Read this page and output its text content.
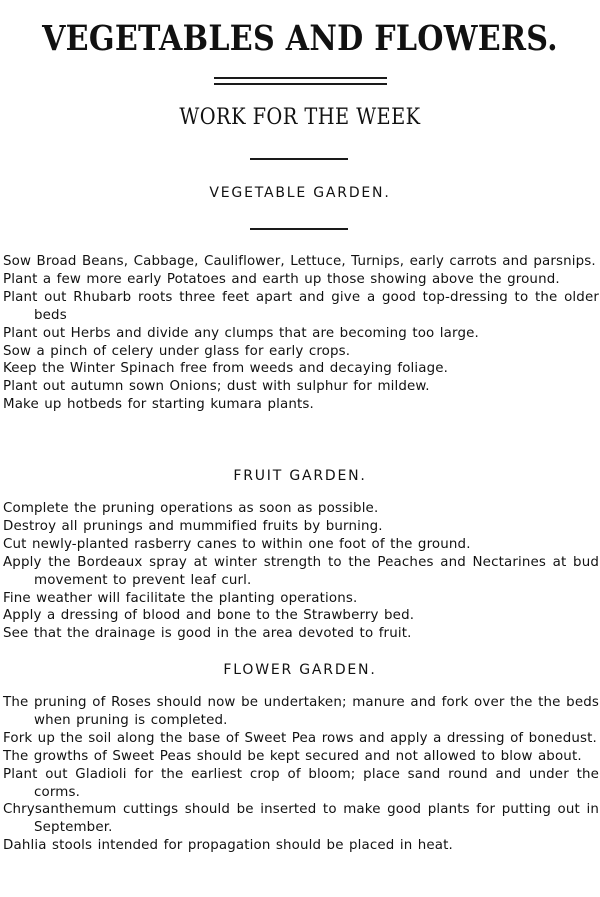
VEGETABLES AND FLOWERS.
WORK FOR THE WEEK
VEGETABLE GARDEN.
Sow Broad Beans, Cabbage, Cauliflower, Lettuce, Turnips, early carrots and parsnips.
Plant a few more early Potatoes and earth up those showing above the ground.
Plant out Rhubarb roots three feet apart and give a good top-dressing to the older beds
Plant out Herbs and divide any clumps that are becoming too large.
Sow a pinch of celery under glass for early crops.
Keep the Winter Spinach free from weeds and decaying foliage.
Plant out autumn sown Onions; dust with sulphur for mildew.
Make up hotbeds for starting kumara plants.
FRUIT GARDEN.
Complete the pruning operations as soon as possible.
Destroy all prunings and mummified fruits by burning.
Cut newly-planted rasberry canes to within one foot of the ground.
Apply the Bordeaux spray at winter strength to the Peaches and Nectarines at bud movement to prevent leaf curl.
Fine weather will facilitate the planting operations.
Apply a dressing of blood and bone to the Strawberry bed.
See that the drainage is good in the area devoted to fruit.
FLOWER GARDEN.
The pruning of Roses should now be undertaken; manure and fork over the the beds when pruning is completed.
Fork up the soil along the base of Sweet Pea rows and apply a dressing of bonedust.
The growths of Sweet Peas should be kept secured and not allowed to blow about.
Plant out Gladioli for the earliest crop of bloom; place sand round and under the corms.
Chrysanthemum cuttings should be inserted to make good plants for putting out in September.
Dahlia stools intended for propagation should be placed in heat.
